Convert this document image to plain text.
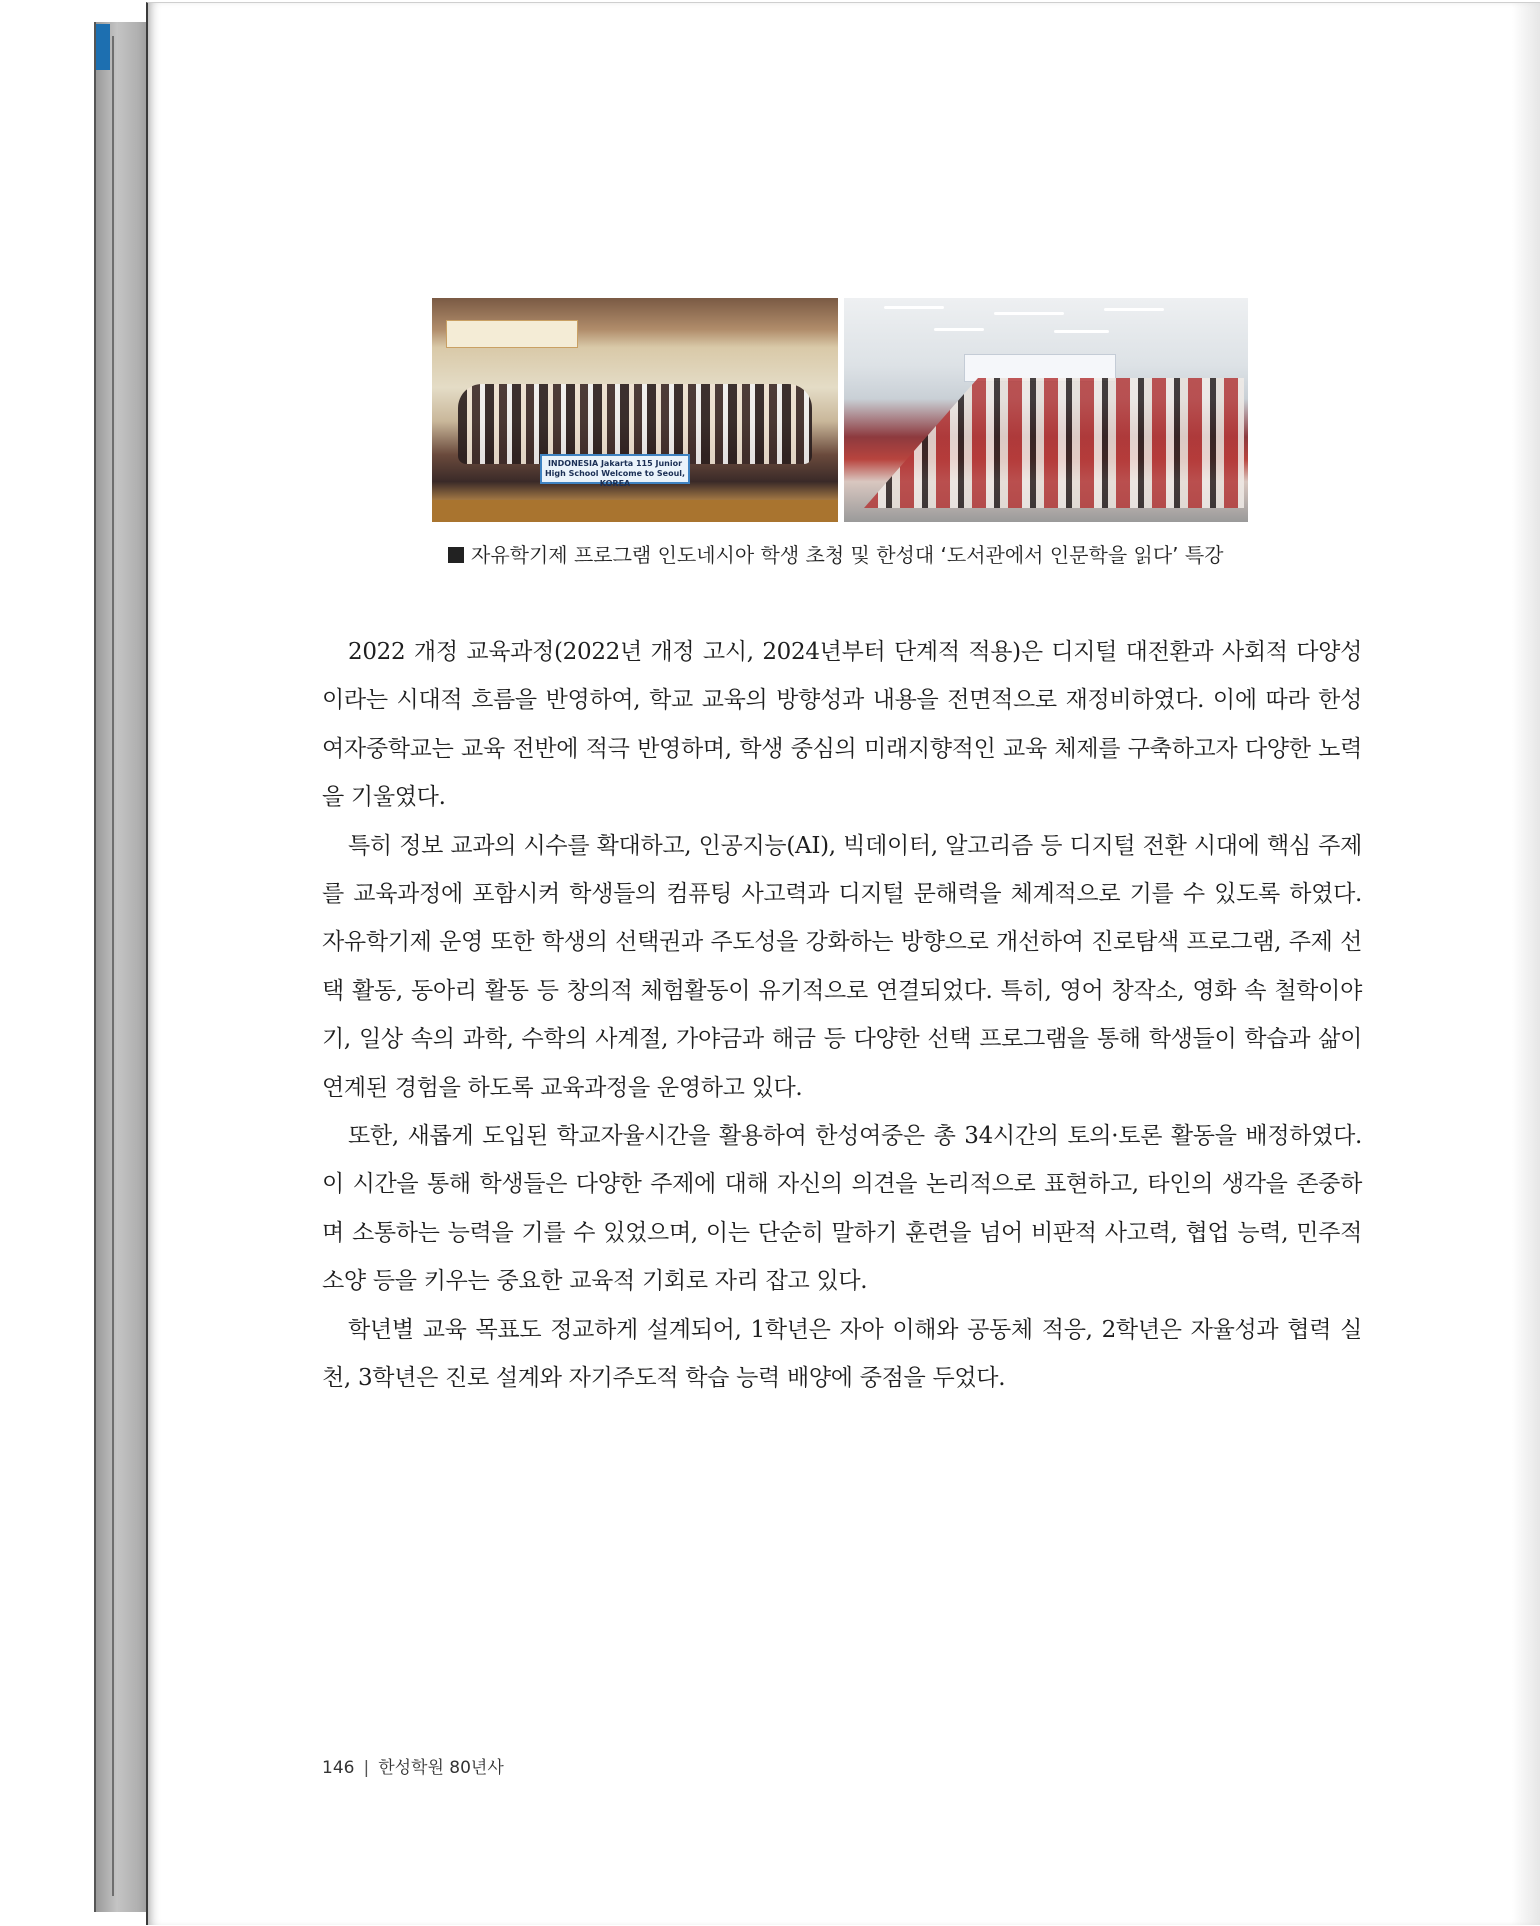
INDONESIA Jakarta 115 Junior High School Welcome to Seoul, KOREA
자유학기제 프로그램 인도네시아 학생 초청 및 한성대 ‘도서관에서 인문학을 읽다’ 특강

2022 개정 교육과정(2022년 개정 고시, 2024년부터 단계적 적용)은 디지털 대전환과 사회적 다양성이라는 시대적 흐름을 반영하여, 학교 교육의 방향성과 내용을 전면적으로 재정비하였다. 이에 따라 한성여자중학교는 교육 전반에 적극 반영하며, 학생 중심의 미래지향적인 교육 체제를 구축하고자 다양한 노력을 기울였다.

특히 정보 교과의 시수를 확대하고, 인공지능(AI), 빅데이터, 알고리즘 등 디지털 전환 시대에 핵심 주제를 교육과정에 포함시켜 학생들의 컴퓨팅 사고력과 디지털 문해력을 체계적으로 기를 수 있도록 하였다. 자유학기제 운영 또한 학생의 선택권과 주도성을 강화하는 방향으로 개선하여 진로탐색 프로그램, 주제 선택 활동, 동아리 활동 등 창의적 체험활동이 유기적으로 연결되었다. 특히, 영어 창작소, 영화 속 철학이야기, 일상 속의 과학, 수학의 사계절, 가야금과 해금 등 다양한 선택 프로그램을 통해 학생들이 학습과 삶이 연계된 경험을 하도록 교육과정을 운영하고 있다.

또한, 새롭게 도입된 학교자율시간을 활용하여 한성여중은 총 34시간의 토의·토론 활동을 배정하였다. 이 시간을 통해 학생들은 다양한 주제에 대해 자신의 의견을 논리적으로 표현하고, 타인의 생각을 존중하며 소통하는 능력을 기를 수 있었으며, 이는 단순히 말하기 훈련을 넘어 비판적 사고력, 협업 능력, 민주적 소양 등을 키우는 중요한 교육적 기회로 자리 잡고 있다.

학년별 교육 목표도 정교하게 설계되어, 1학년은 자아 이해와 공동체 적응, 2학년은 자율성과 협력 실천, 3학년은 진로 설계와 자기주도적 학습 능력 배양에 중점을 두었다.

146 | 한성학원 80년사
